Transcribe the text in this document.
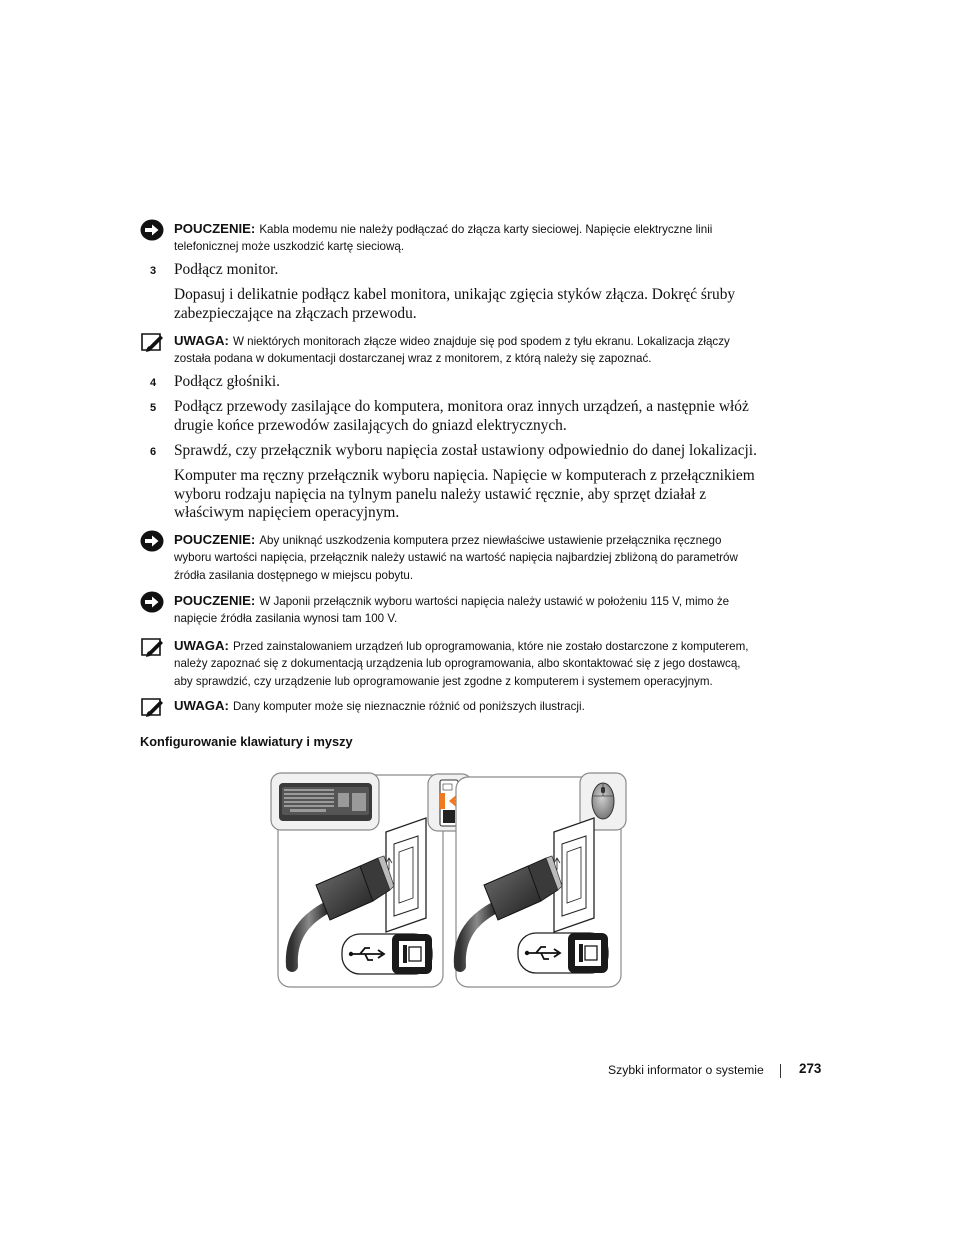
POUCZENIE: Kabla modemu nie należy podłączać do złącza karty sieciowej. Napięcie elektryczne linii telefonicznej może uszkodzić kartę sieciową.
3 Podłącz monitor.
Dopasuj i delikatnie podłącz kabel monitora, unikając zgięcia styków złącza. Dokręć śruby zabezpieczające na złączach przewodu.
UWAGA: W niektórych monitorach złącze wideo znajduje się pod spodem z tyłu ekranu. Lokalizacja złączy została podana w dokumentacji dostarczanej wraz z monitorem, z którą należy się zapoznać.
4 Podłącz głośniki.
5 Podłącz przewody zasilające do komputera, monitora oraz innych urządzeń, a następnie włóż drugie końce przewodów zasilających do gniazd elektrycznych.
6 Sprawdź, czy przełącznik wyboru napięcia został ustawiony odpowiednio do danej lokalizacji.
Komputer ma ręczny przełącznik wyboru napięcia. Napięcie w komputerach z przełącznikiem wyboru rodzaju napięcia na tylnym panelu należy ustawić ręcznie, aby sprzęt działał z właściwym napięciem operacyjnym.
POUCZENIE: Aby uniknąć uszkodzenia komputera przez niewłaściwe ustawienie przełącznika ręcznego wyboru wartości napięcia, przełącznik należy ustawić na wartość napięcia najbardziej zbliżoną do parametrów źródła zasilania dostępnego w miejscu pobytu.
POUCZENIE: W Japonii przełącznik wyboru wartości napięcia należy ustawić w położeniu 115 V, mimo że napięcie źródła zasilania wynosi tam 100 V.
UWAGA: Przed zainstalowaniem urządzeń lub oprogramowania, które nie zostało dostarczone z komputerem, należy zapoznać się z dokumentacją urządzenia lub oprogramowania, albo skontaktować się z jego dostawcą, aby sprawdzić, czy urządzenie lub oprogramowanie jest zgodne z komputerem i systemem operacyjnym.
UWAGA: Dany komputer może się nieznacznie różnić od poniższych ilustracji.
Konfigurowanie klawiatury i myszy
Szybki informator o systemie	273
